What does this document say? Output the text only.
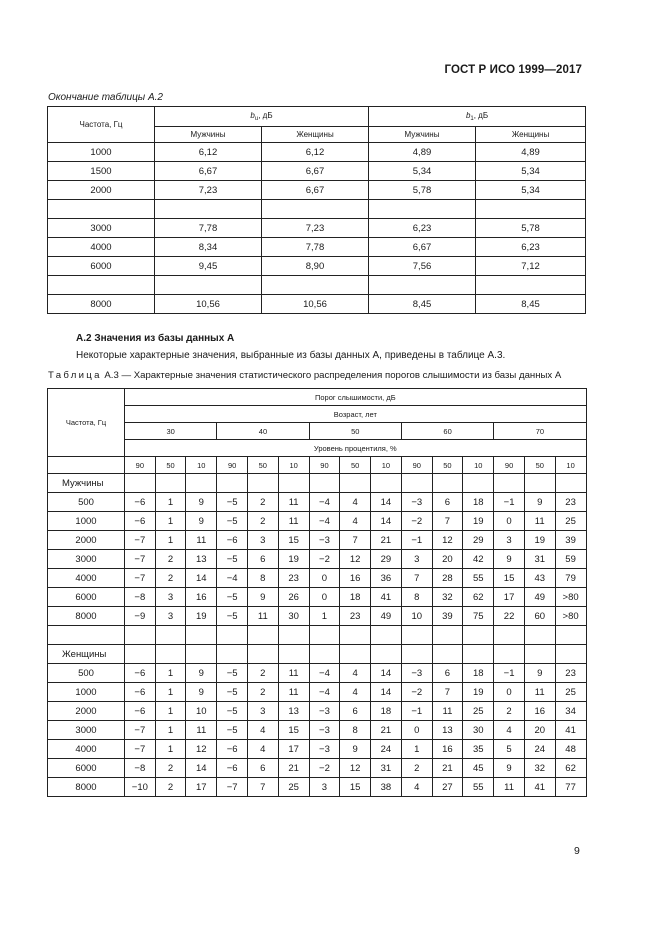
ГОСТ Р ИСО 1999—2017
Окончание таблицы А.2
Частота, Гц	$b_u$, дБ		$b_1$, дБ	
	Мужчины	Женщины	Мужчины	Женщины
1000	6,12	6,12	4,89	4,89
1500	6,67	6,67	5,34	5,34
2000	7,23	6,67	5,78	5,34

3000	7,78	7,23	6,23	5,78
4000	8,34	7,78	6,67	6,23
6000	9,45	8,90	7,56	7,12

8000	10,56	10,56	8,45	8,45
А.2 Значения из базы данных А
Некоторые характерные значения, выбранные из базы данных А, приведены в таблице А.3.
Таблица А.3 — Характерные значения статистического распределения порогов слышимости из базы данных А
Частота, Гц	Порог слышимости, дБ														
	Возраст, лет														
	30			40			50			60			70		
	Уровень процентиля, %														
	90	50	10	90	50	10	90	50	10	90	50	10	90	50	10
Мужчины															
500	−6	1	9	−5	2	11	−4	4	14	−3	6	18	−1	9	23
1000	−6	1	9	−5	2	11	−4	4	14	−2	7	19	0	11	25
2000	−7	1	11	−6	3	15	−3	7	21	−1	12	29	3	19	39
3000	−7	2	13	−5	6	19	−2	12	29	3	20	42	9	31	59
4000	−7	2	14	−4	8	23	0	16	36	7	28	55	15	43	79
6000	−8	3	16	−5	9	26	0	18	41	8	32	62	17	49	>80
8000	−9	3	19	−5	11	30	1	23	49	10	39	75	22	60	>80

Женщины															
500	−6	1	9	−5	2	11	−4	4	14	−3	6	18	−1	9	23
1000	−6	1	9	−5	2	11	−4	4	14	−2	7	19	0	11	25
2000	−6	1	10	−5	3	13	−3	6	18	−1	11	25	2	16	34
3000	−7	1	11	−5	4	15	−3	8	21	0	13	30	4	20	41
4000	−7	1	12	−6	4	17	−3	9	24	1	16	35	5	24	48
6000	−8	2	14	−6	6	21	−2	12	31	2	21	45	9	32	62
8000	−10	2	17	−7	7	25	3	15	38	4	27	55	11	41	77
9
